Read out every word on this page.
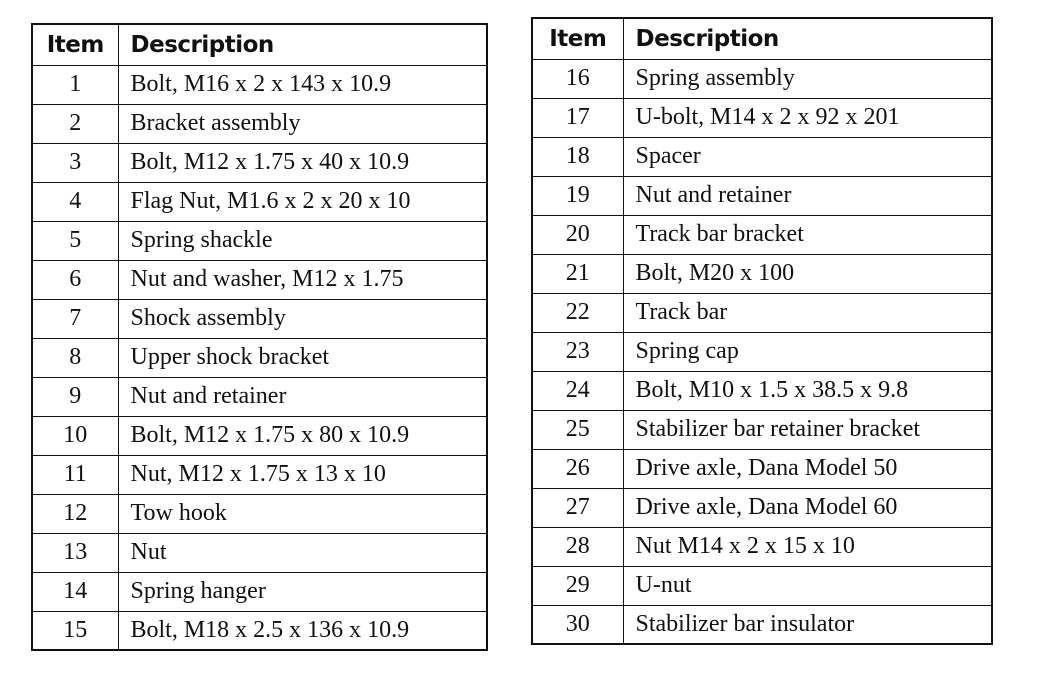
Item	Description
1	Bolt, M16 x 2 x 143 x 10.9
2	Bracket assembly
3	Bolt, M12 x 1.75 x 40 x 10.9
4	Flag Nut, M1.6 x 2 x 20 x 10
5	Spring shackle
6	Nut and washer, M12 x 1.75
7	Shock assembly
8	Upper shock bracket
9	Nut and retainer
10	Bolt, M12 x 1.75 x 80 x 10.9
11	Nut, M12 x 1.75 x 13 x 10
12	Tow hook
13	Nut
14	Spring hanger
15	Bolt, M18 x 2.5 x 136 x 10.9
Item	Description
16	Spring assembly
17	U-bolt, M14 x 2 x 92 x 201
18	Spacer
19	Nut and retainer
20	Track bar bracket
21	Bolt, M20 x 100
22	Track bar
23	Spring cap
24	Bolt, M10 x 1.5 x 38.5 x 9.8
25	Stabilizer bar retainer bracket
26	Drive axle, Dana Model 50
27	Drive axle, Dana Model 60
28	Nut M14 x 2 x 15 x 10
29	U-nut
30	Stabilizer bar insulator
